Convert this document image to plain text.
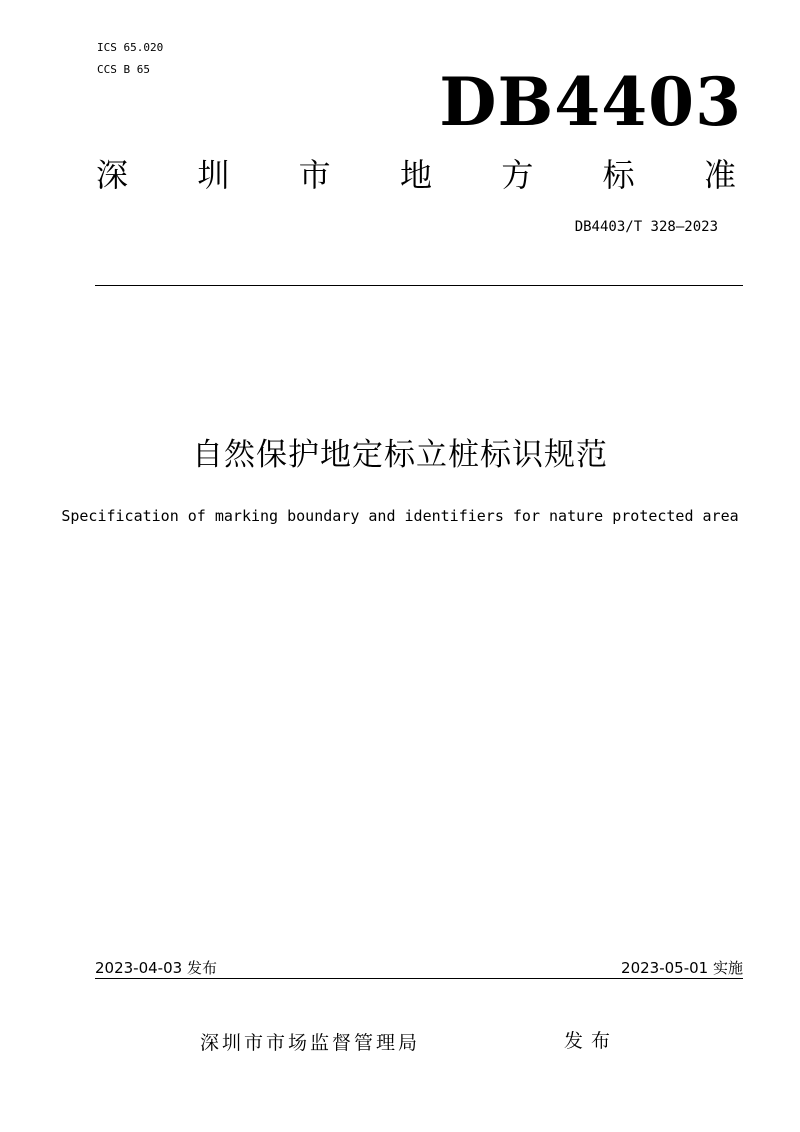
ICS 65.020
CCS B 65	DB4403
深 圳 市 地 方 标 准
DB4403/T 328—2023
自然保护地定标立桩标识规范
Specification of marking boundary and identifiers for nature protected area
2023-04-03 发布	2023-05-01 实施
深圳市市场监督管理局	发布
